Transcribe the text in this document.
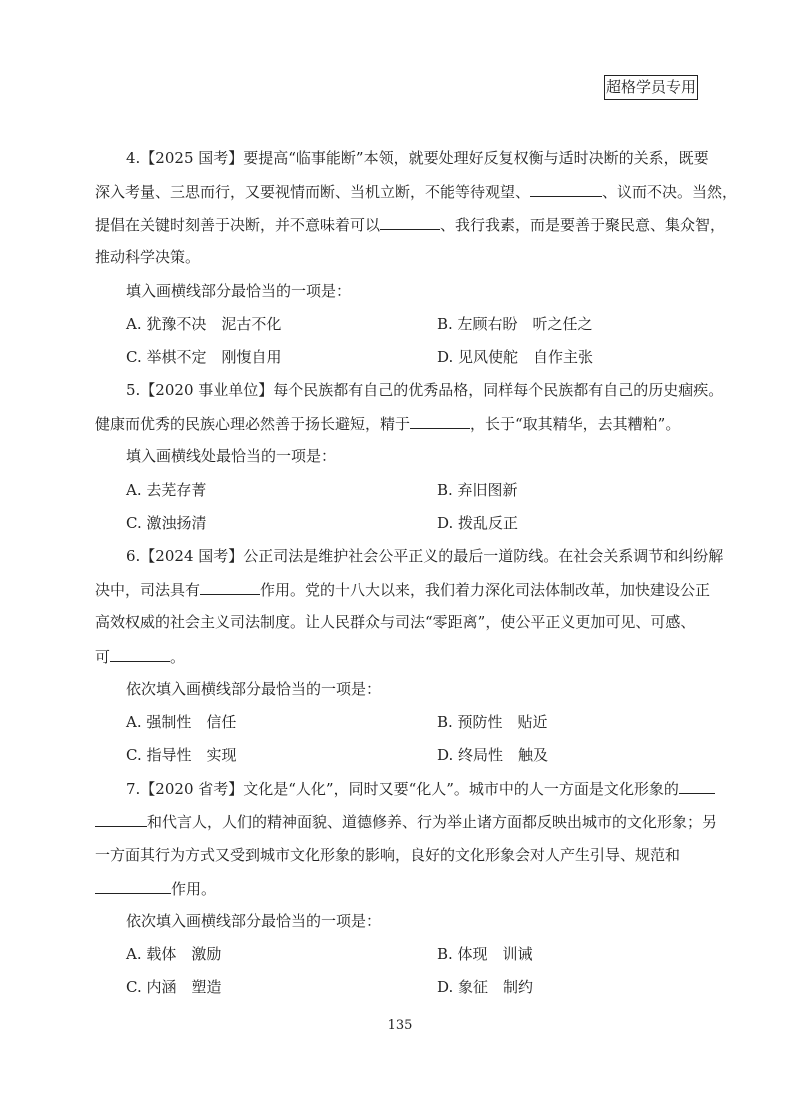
超格学员专用
4.【2025 国考】要提高“临事能断”本领，就要处理好反复权衡与适时决断的关系，既要
深入考量、三思而行，又要视情而断、当机立断，不能等待观望、	、议而不决。当然，
提倡在关键时刻善于决断，并不意味着可以	、我行我素，而是要善于聚民意、集众智，
推动科学决策。
填入画横线部分最恰当的一项是：
A. 犹豫不决　泥古不化	B. 左顾右盼　听之任之
C. 举棋不定　刚愎自用	D. 见风使舵　自作主张
5.【2020 事业单位】每个民族都有自己的优秀品格，同样每个民族都有自己的历史痼疾。
健康而优秀的民族心理必然善于扬长避短，精于	，长于“取其精华，去其糟粕”。
填入画横线处最恰当的一项是：
A. 去芜存菁	B. 弃旧图新
C. 激浊扬清	D. 拨乱反正
6.【2024 国考】公正司法是维护社会公平正义的最后一道防线。在社会关系调节和纠纷解
决中，司法具有	作用。党的十八大以来，我们着力深化司法体制改革，加快建设公正
高效权威的社会主义司法制度。让人民群众与司法“零距离”，使公平正义更加可见、可感、
可	。
依次填入画横线部分最恰当的一项是：
A. 强制性　信任	B. 预防性　贴近
C. 指导性　实现	D. 终局性　触及
7.【2020 省考】文化是“人化”，同时又要“化人”。城市中的人一方面是文化形象的
和代言人，人们的精神面貌、道德修养、行为举止诸方面都反映出城市的文化形象；另
一方面其行为方式又受到城市文化形象的影响，良好的文化形象会对人产生引导、规范和
作用。
依次填入画横线部分最恰当的一项是：
A. 载体　激励	B. 体现　训诫
C. 内涵　塑造	D. 象征　制约
135
